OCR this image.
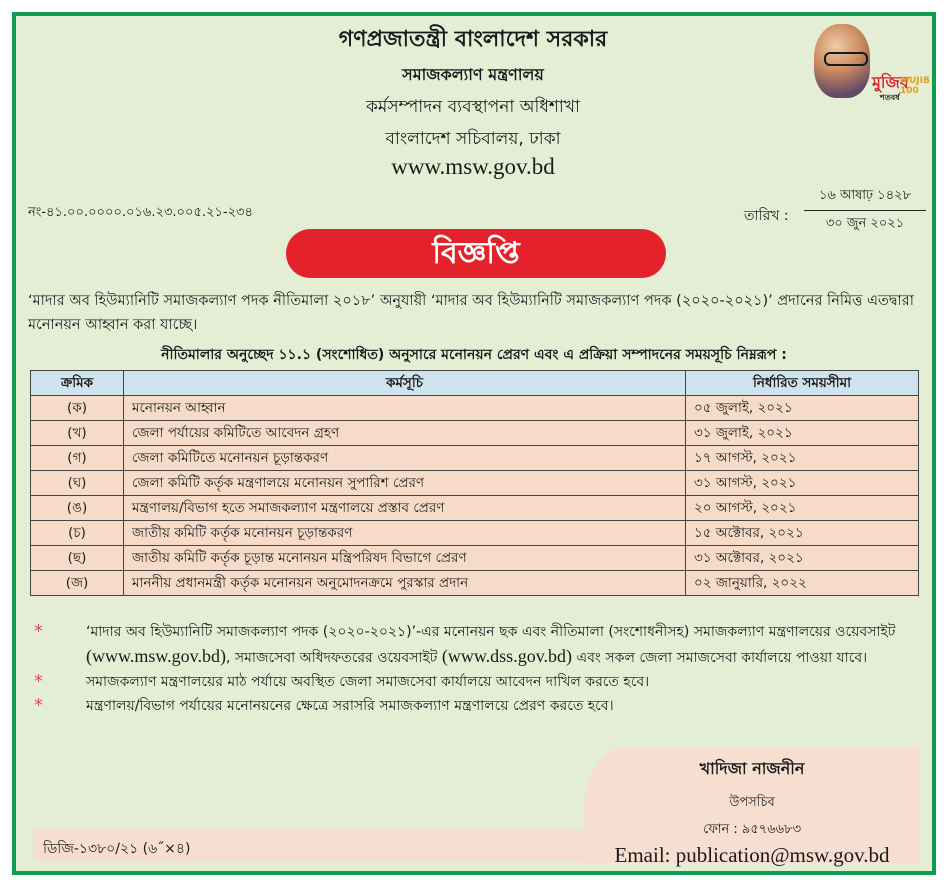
গণপ্রজাতন্ত্রী বাংলাদেশ সরকার
সমাজকল্যাণ মন্ত্রণালয়
কর্মসম্পাদন ব্যবস্থাপনা অধিশাখা
বাংলাদেশ সচিবালয়, ঢাকা
www.msw.gov.bd
মুজিব
MUJIB 100
শতবর্ষ
নং-৪১.০০.০০০০.০১৬.২৩.০০৫.২১-২৩৪	তারিখ :
১৬ আষাঢ় ১৪২৮
৩০ জুন ২০২১
বিজ্ঞপ্তি
‘মাদার অব হিউম্যানিটি সমাজকল্যাণ পদক নীতিমালা ২০১৮’ অনুযায়ী ‘মাদার অব হিউম্যানিটি সমাজকল্যাণ পদক (২০২০-২০২১)’ প্রদানের নিমিত্ত এতদ্বারা মনোনয়ন আহ্বান করা যাচ্ছে।
নীতিমালার অনুচ্ছেদ ১১.১ (সংশোধিত) অনুসারে মনোনয়ন প্রেরণ এবং এ প্রক্রিয়া সম্পাদনের সময়সূচি নিম্নরূপ :
ক্রমিক	কর্মসূচি	নির্ধারিত সময়সীমা
(ক)	মনোনয়ন আহ্বান	০৫ জুলাই, ২০২১
(খ)	জেলা পর্যায়ের কমিটিতে আবেদন গ্রহণ	৩১ জুলাই, ২০২১
(গ)	জেলা কমিটিতে মনোনয়ন চূড়ান্তকরণ	১৭ আগস্ট, ২০২১
(ঘ)	জেলা কমিটি কর্তৃক মন্ত্রণালয়ে মনোনয়ন সুপারিশ প্রেরণ	৩১ আগস্ট, ২০২১
(ঙ)	মন্ত্রণালয়/বিভাগ হতে সমাজকল্যাণ মন্ত্রণালয়ে প্রস্তাব প্রেরণ	২০ আগস্ট, ২০২১
(চ)	জাতীয় কমিটি কর্তৃক মনোনয়ন চূড়ান্তকরণ	১৫ অক্টোবর, ২০২১
(ছ)	জাতীয় কমিটি কর্তৃক চূড়ান্ত মনোনয়ন মন্ত্রিপরিষদ বিভাগে প্রেরণ	৩১ অক্টোবর, ২০২১
(জ)	মাননীয় প্রধানমন্ত্রী কর্তৃক মনোনয়ন অনুমোদনক্রমে পুরস্কার প্রদান	০২ জানুয়ারি, ২০২২
*	‘মাদার অব হিউম্যানিটি সমাজকল্যাণ পদক (২০২০-২০২১)’-এর মনোনয়ন ছক এবং নীতিমালা (সংশোধনীসহ) সমাজকল্যাণ মন্ত্রণালয়ের ওয়েবসাইট (www.msw.gov.bd), সমাজসেবা অধিদফতরের ওয়েবসাইট (www.dss.gov.bd) এবং সকল জেলা সমাজসেবা কার্যালয়ে পাওয়া যাবে।
*	সমাজকল্যাণ মন্ত্রণালয়ের মাঠ পর্যায়ে অবস্থিত জেলা সমাজসেবা কার্যালয়ে আবেদন দাখিল করতে হবে।
*	মন্ত্রণালয়/বিভাগ পর্যায়ের মনোনয়নের ক্ষেত্রে সরাসরি সমাজকল্যাণ মন্ত্রণালয়ে প্রেরণ করতে হবে।
খাদিজা নাজনীন
উপসচিব
ফোন : ৯৫৭৬৬৮৩
Email: publication@msw.gov.bd
ডিজি-১৩৮০/২১ (৬˝×৪)
